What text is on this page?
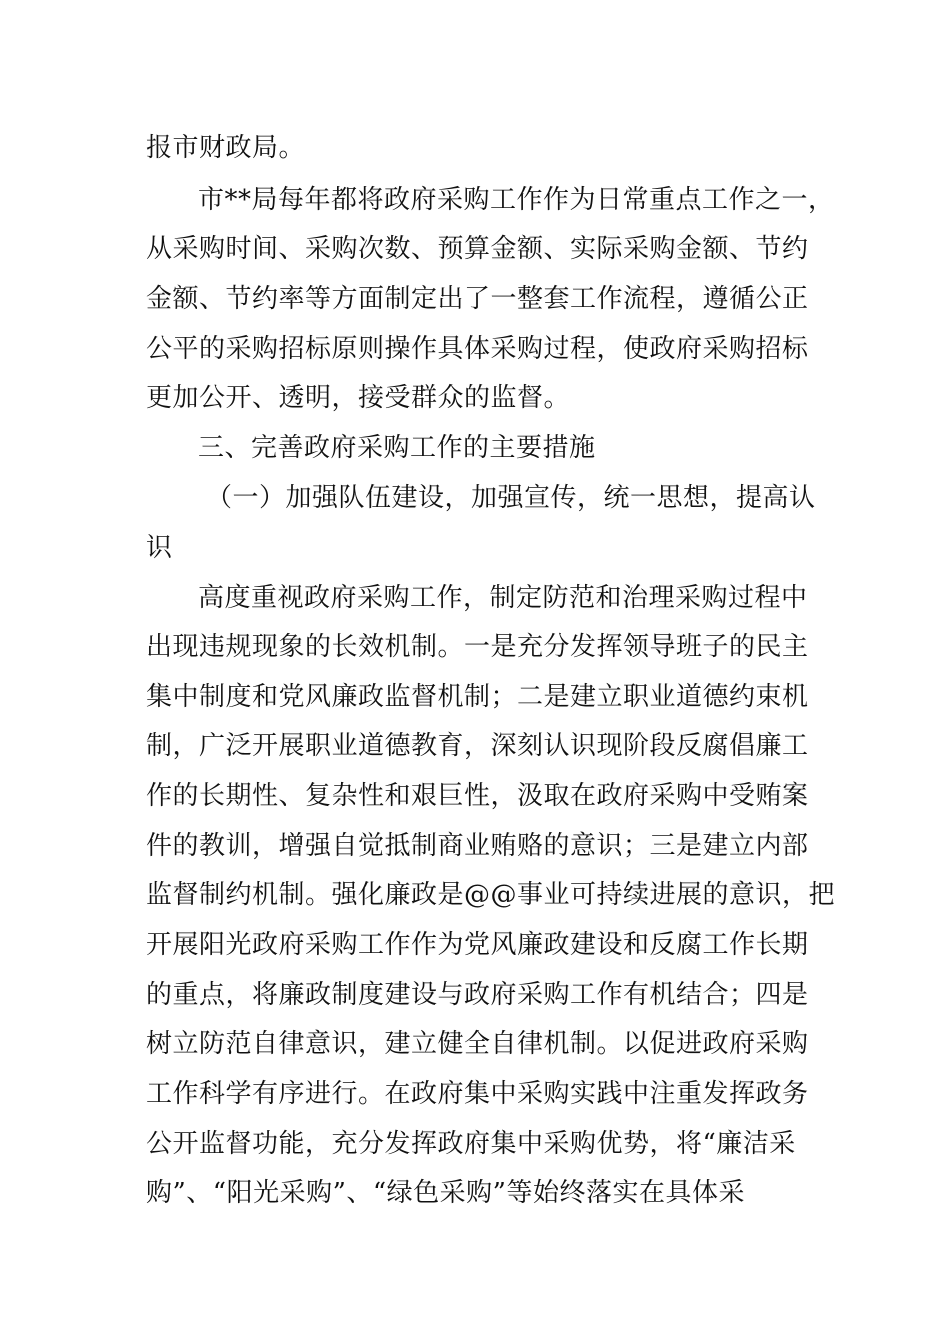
报市财政局。
市**局每年都将政府采购工作作为日常重点工作之一，
从采购时间、采购次数、预算金额、实际采购金额、节约
金额、节约率等方面制定出了一整套工作流程，遵循公正
公平的采购招标原则操作具体采购过程，使政府采购招标
更加公开、透明，接受群众的监督。
三、完善政府采购工作的主要措施
（一）加强队伍建设，加强宣传，统一思想，提高认
识
高度重视政府采购工作，制定防范和治理采购过程中
出现违规现象的长效机制。一是充分发挥领导班子的民主
集中制度和党风廉政监督机制；二是建立职业道德约束机
制，广泛开展职业道德教育，深刻认识现阶段反腐倡廉工
作的长期性、复杂性和艰巨性，汲取在政府采购中受贿案
件的教训，增强自觉抵制商业贿赂的意识；三是建立内部
监督制约机制。强化廉政是@@事业可持续进展的意识，把
开展阳光政府采购工作作为党风廉政建设和反腐工作长期
的重点，将廉政制度建设与政府采购工作有机结合；四是
树立防范自律意识，建立健全自律机制。以促进政府采购
工作科学有序进行。在政府集中采购实践中注重发挥政务
公开监督功能，充分发挥政府集中采购优势，将“廉洁采
购”、“阳光采购”、“绿色采购”等始终落实在具体采
